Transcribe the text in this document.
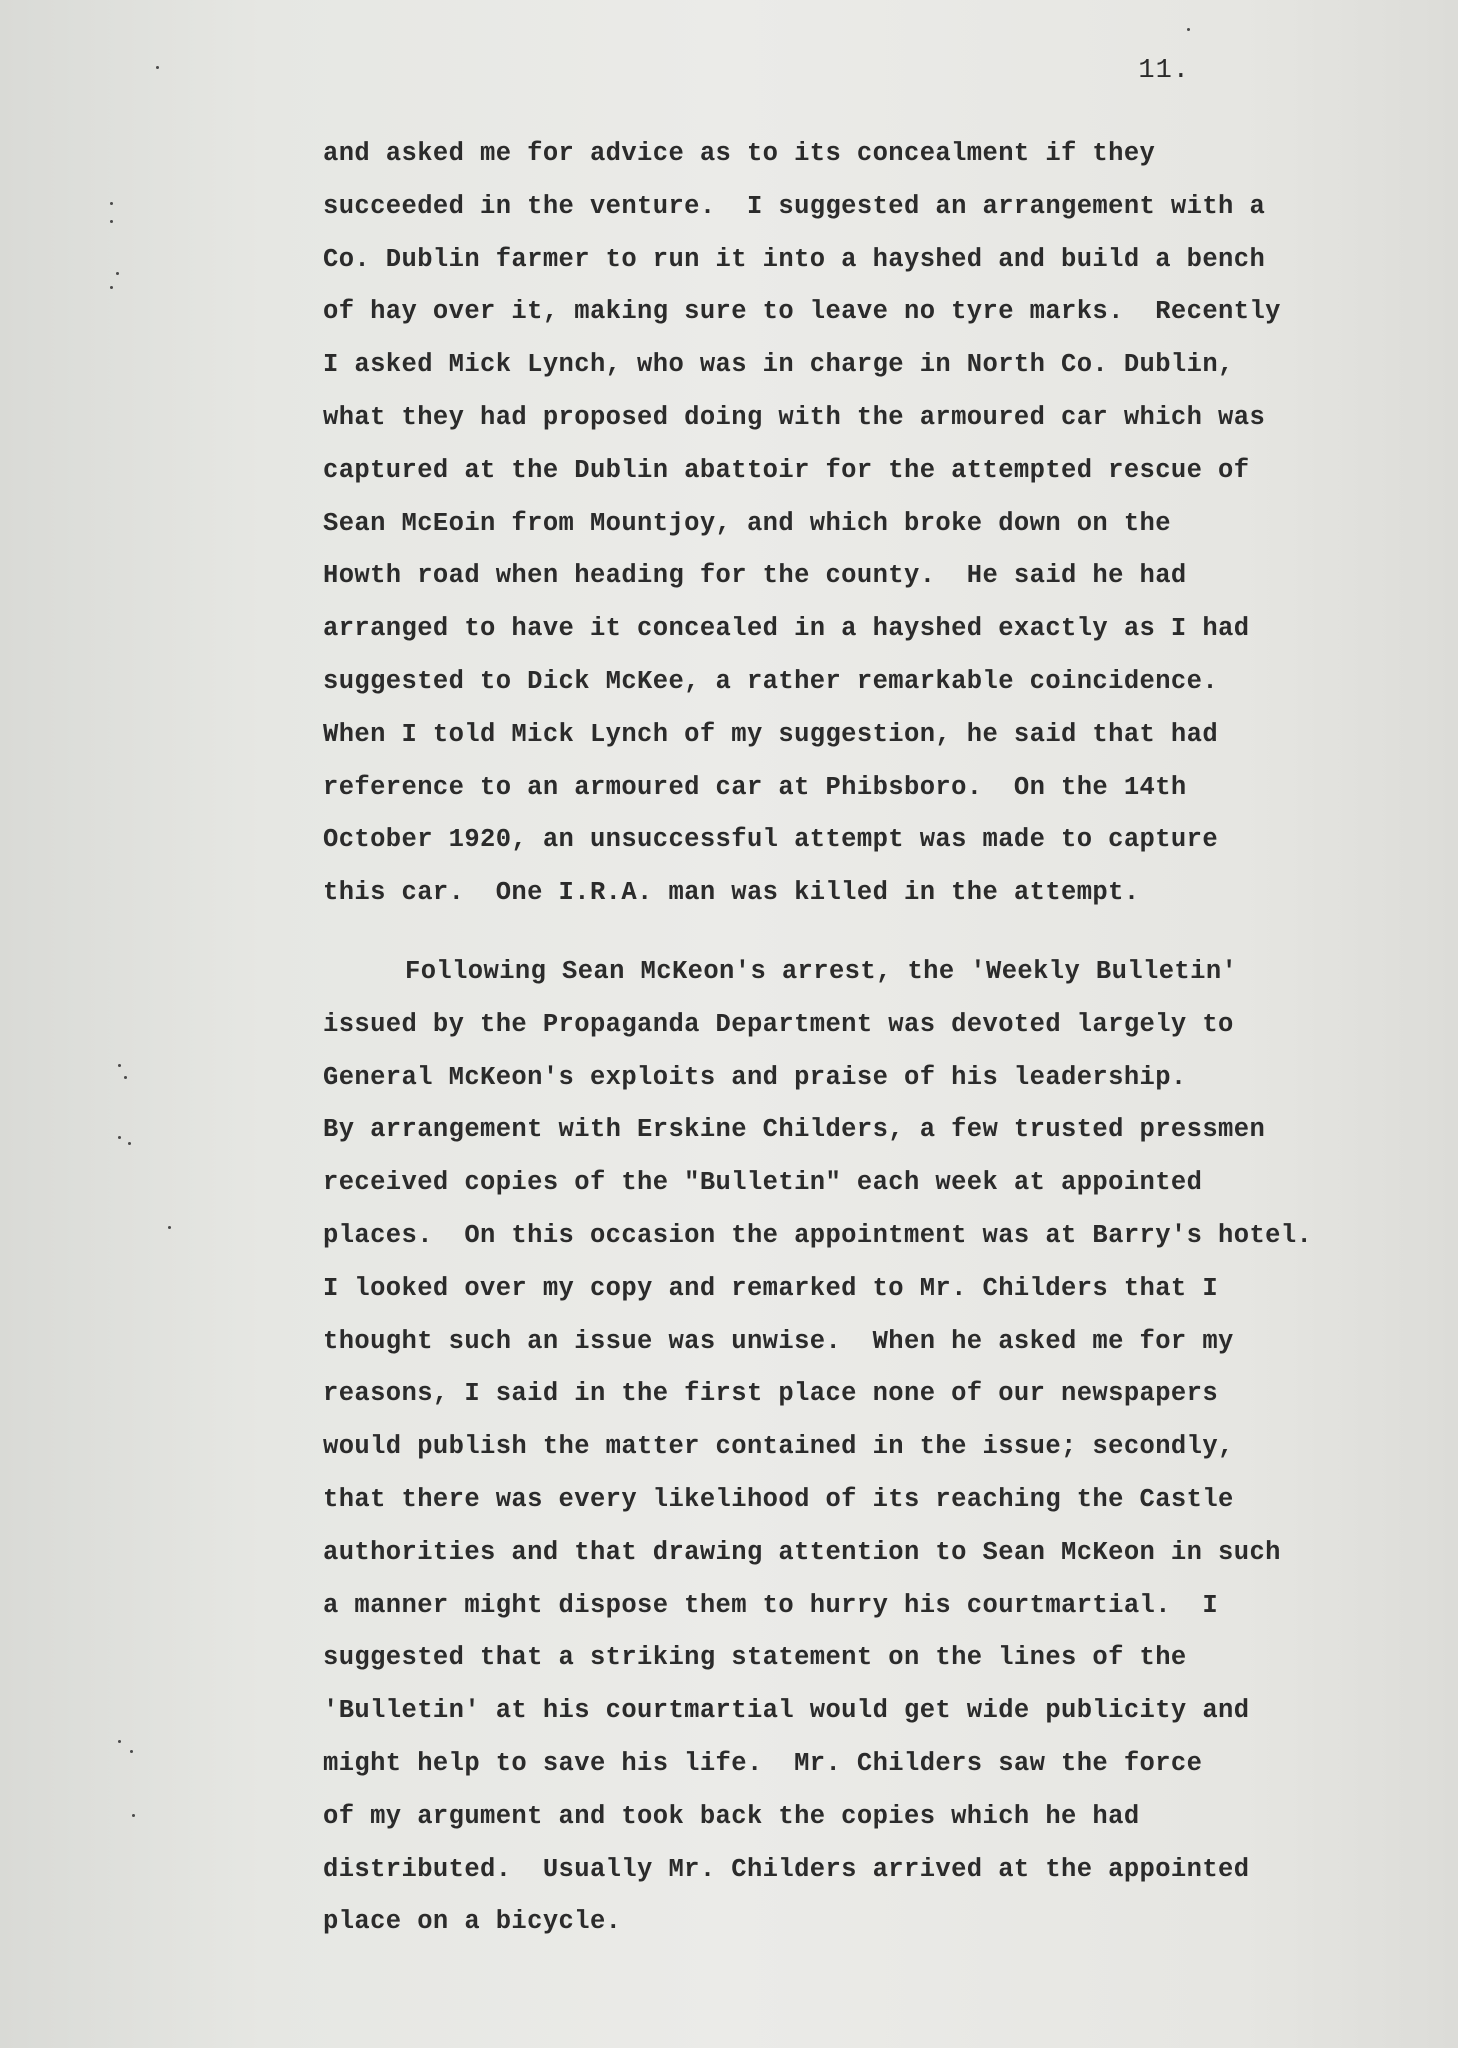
11.
and asked me for advice as to its concealment if they
succeeded in the venture.  I suggested an arrangement with a
Co. Dublin farmer to run it into a hayshed and build a bench
of hay over it, making sure to leave no tyre marks.  Recently
I asked Mick Lynch, who was in charge in North Co. Dublin,
what they had proposed doing with the armoured car which was
captured at the Dublin abattoir for the attempted rescue of
Sean McEoin from Mountjoy, and which broke down on the
Howth road when heading for the county.  He said he had
arranged to have it concealed in a hayshed exactly as I had
suggested to Dick McKee, a rather remarkable coincidence.
When I told Mick Lynch of my suggestion, he said that had
reference to an armoured car at Phibsboro.  On the 14th
October 1920, an unsuccessful attempt was made to capture
this car.  One I.R.A. man was killed in the attempt.
Following Sean McKeon's arrest, the 'Weekly Bulletin'
issued by the Propaganda Department was devoted largely to
General McKeon's exploits and praise of his leadership.
By arrangement with Erskine Childers, a few trusted pressmen
received copies of the "Bulletin" each week at appointed
places.  On this occasion the appointment was at Barry's hotel.
I looked over my copy and remarked to Mr. Childers that I
thought such an issue was unwise.  When he asked me for my
reasons, I said in the first place none of our newspapers
would publish the matter contained in the issue; secondly,
that there was every likelihood of its reaching the Castle
authorities and that drawing attention to Sean McKeon in such
a manner might dispose them to hurry his courtmartial.  I
suggested that a striking statement on the lines of the
'Bulletin' at his courtmartial would get wide publicity and
might help to save his life.  Mr. Childers saw the force
of my argument and took back the copies which he had
distributed.  Usually Mr. Childers arrived at the appointed
place on a bicycle.
